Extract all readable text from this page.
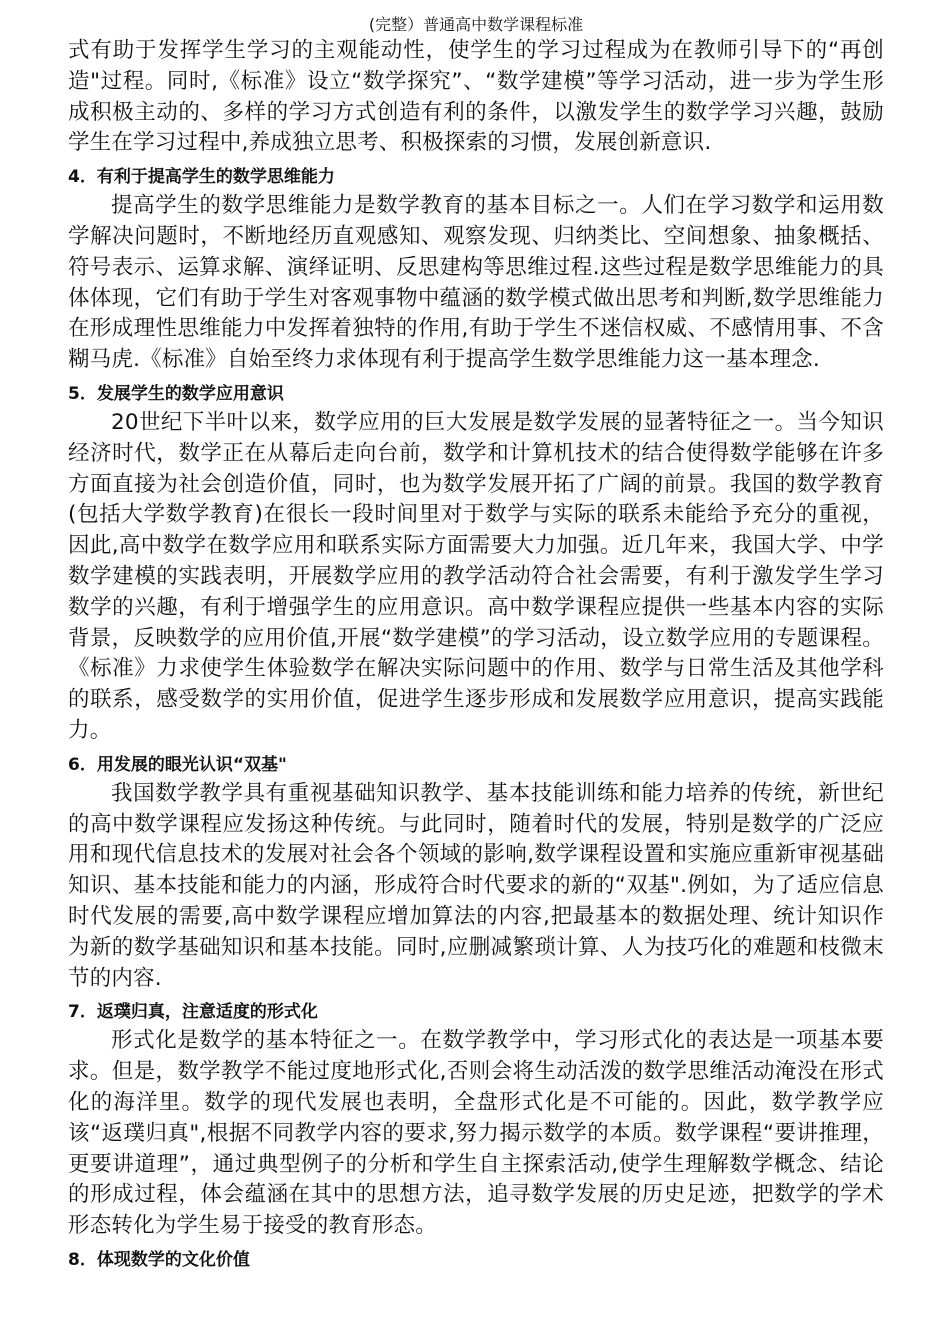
(完整）普通高中数学课程标准

式有助于发挥学生学习的主观能动性，使学生的学习过程成为在教师引导下的“再创造"过程。同时,《标准》设立“数学探究”、“数学建模”等学习活动，进一步为学生形成积极主动的、多样的学习方式创造有利的条件，以激发学生的数学学习兴趣，鼓励学生在学习过程中,养成独立思考、积极探索的习惯，发展创新意识.

4．有利于提高学生的数学思维能力

提高学生的数学思维能力是数学教育的基本目标之一。人们在学习数学和运用数学解决问题时，不断地经历直观感知、观察发现、归纳类比、空间想象、抽象概括、符号表示、运算求解、演绎证明、反思建构等思维过程.这些过程是数学思维能力的具体体现，它们有助于学生对客观事物中蕴涵的数学模式做出思考和判断,数学思维能力在形成理性思维能力中发挥着独特的作用,有助于学生不迷信权威、不感情用事、不含糊马虎.《标准》自始至终力求体现有利于提高学生数学思维能力这一基本理念.

5．发展学生的数学应用意识

20世纪下半叶以来，数学应用的巨大发展是数学发展的显著特征之一。当今知识经济时代，数学正在从幕后走向台前，数学和计算机技术的结合使得数学能够在许多方面直接为社会创造价值，同时，也为数学发展开拓了广阔的前景。我国的数学教育(包括大学数学教育)在很长一段时间里对于数学与实际的联系未能给予充分的重视，因此,高中数学在数学应用和联系实际方面需要大力加强。近几年来，我国大学、中学数学建模的实践表明，开展数学应用的教学活动符合社会需要，有利于激发学生学习数学的兴趣，有利于增强学生的应用意识。高中数学课程应提供一些基本内容的实际背景，反映数学的应用价值,开展“数学建模”的学习活动，设立数学应用的专题课程。《标准》力求使学生体验数学在解决实际问题中的作用、数学与日常生活及其他学科的联系，感受数学的实用价值，促进学生逐步形成和发展数学应用意识，提高实践能力。

6．用发展的眼光认识“双基"

我国数学教学具有重视基础知识教学、基本技能训练和能力培养的传统，新世纪的高中数学课程应发扬这种传统。与此同时，随着时代的发展，特别是数学的广泛应用和现代信息技术的发展对社会各个领域的影响,数学课程设置和实施应重新审视基础知识、基本技能和能力的内涵，形成符合时代要求的新的“双基".例如，为了适应信息时代发展的需要,高中数学课程应增加算法的内容,把最基本的数据处理、统计知识作为新的数学基础知识和基本技能。同时,应删减繁琐计算、人为技巧化的难题和枝微末节的内容.

7．返璞归真，注意适度的形式化

形式化是数学的基本特征之一。在数学教学中，学习形式化的表达是一项基本要求。但是，数学教学不能过度地形式化,否则会将生动活泼的数学思维活动淹没在形式化的海洋里。数学的现代发展也表明，全盘形式化是不可能的。因此，数学教学应该“返璞归真",根据不同教学内容的要求,努力揭示数学的本质。数学课程“要讲推理，更要讲道理”，通过典型例子的分析和学生自主探索活动,使学生理解数学概念、结论的形成过程，体会蕴涵在其中的思想方法，追寻数学发展的历史足迹，把数学的学术形态转化为学生易于接受的教育形态。

8．体现数学的文化价值
